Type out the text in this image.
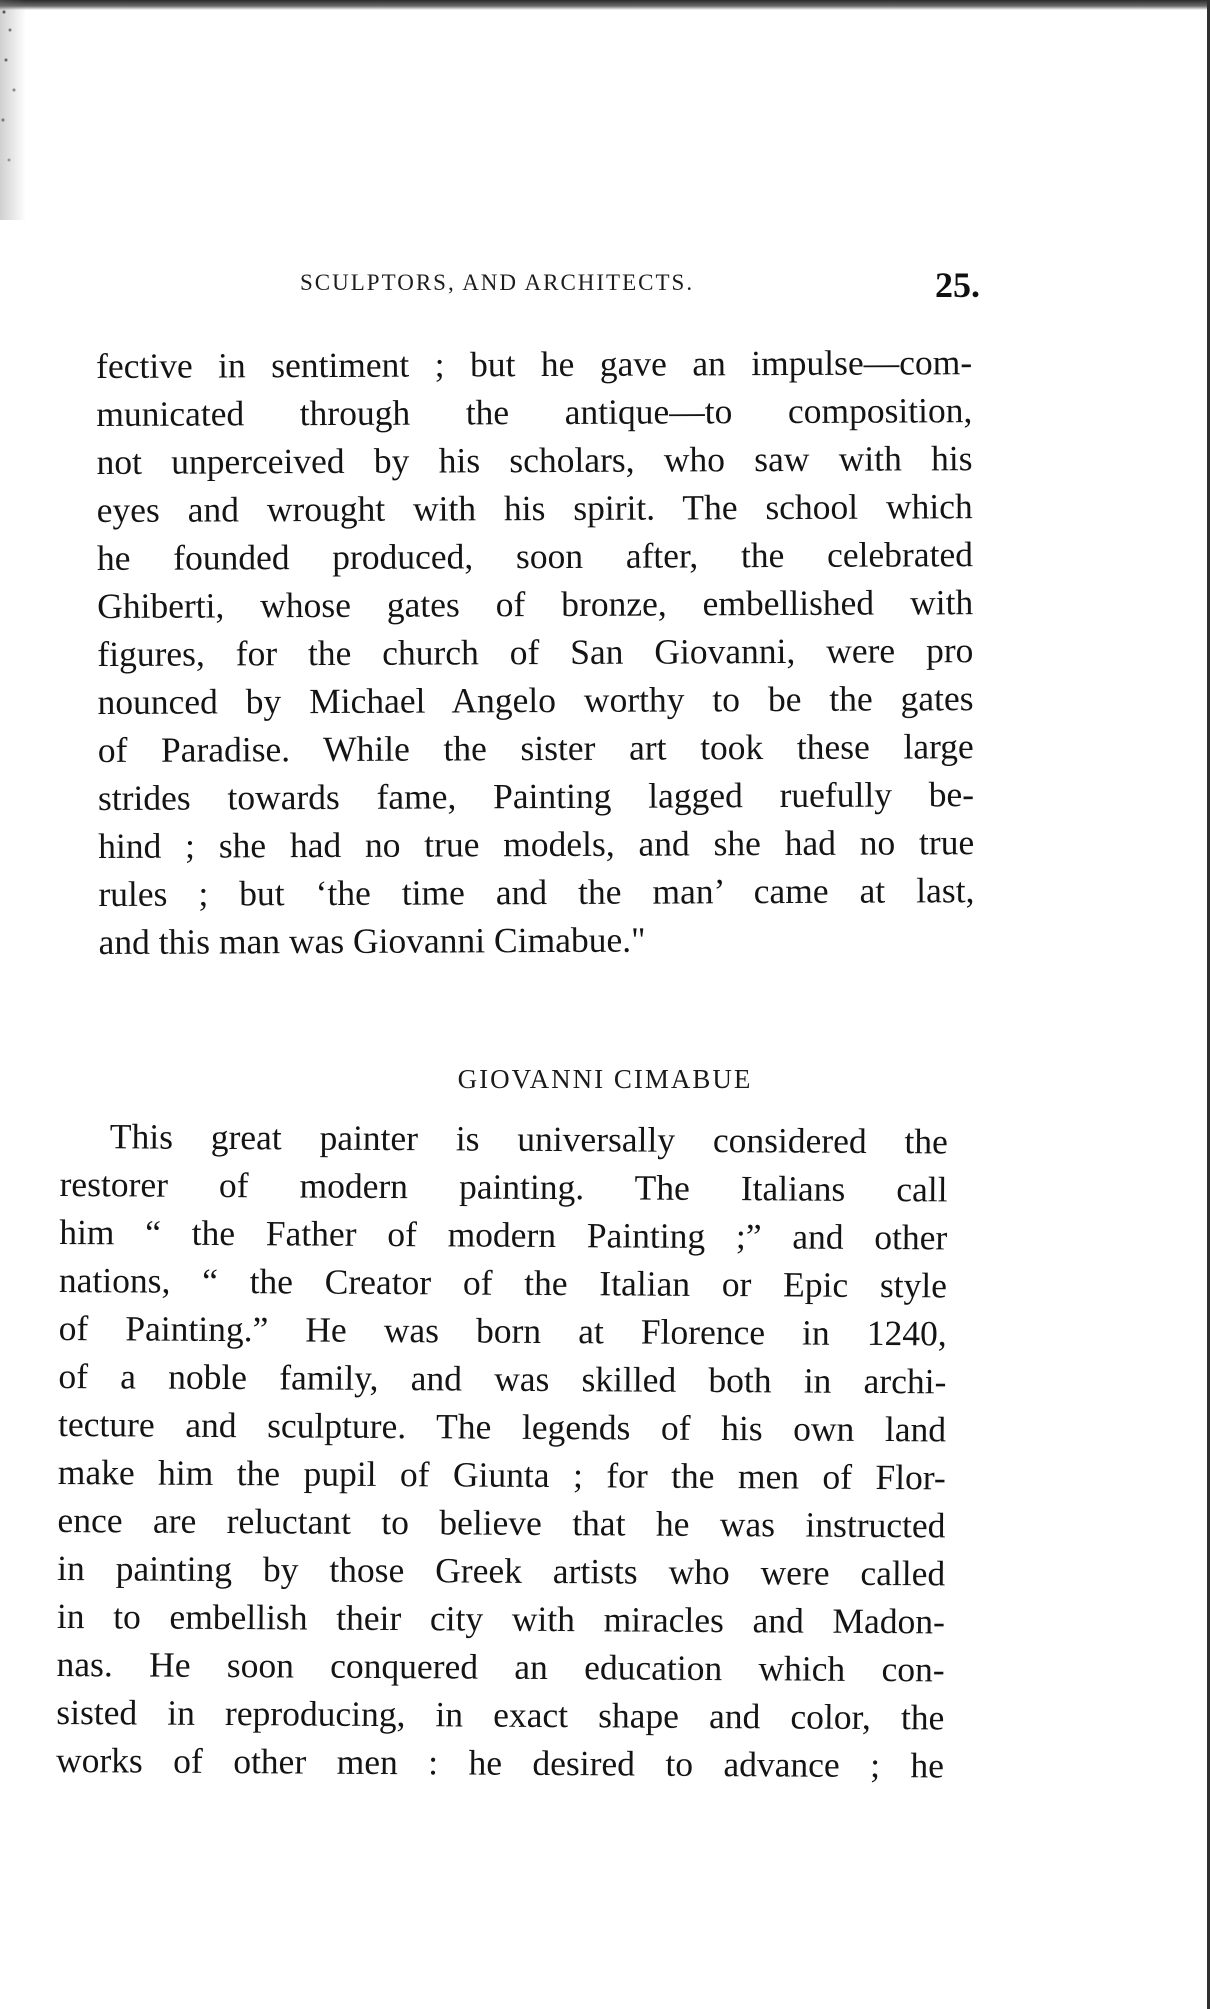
SCULPTORS, AND ARCHITECTS.	25.
fective in sentiment ; but he gave an impulse—com-
municated through the antique—to composition,
not unperceived by his scholars, who saw with his
eyes and wrought with his spirit. The school which
he founded produced, soon after, the celebrated
Ghiberti, whose gates of bronze, embellished with
figures, for the church of San Giovanni, were pro
nounced by Michael Angelo worthy to be the gates
of Paradise. While the sister art took these large
strides towards fame, Painting lagged ruefully be-
hind ; she had no true models, and she had no true
rules ; but ‘the time and the man’ came at last,
and this man was Giovanni Cimabue."
GIOVANNI CIMABUE
This great painter is universally considered the
restorer of modern painting. The Italians call
him “ the Father of modern Painting ;” and other
nations, “ the Creator of the Italian or Epic style
of Painting.” He was born at Florence in 1240,
of a noble family, and was skilled both in archi-
tecture and sculpture. The legends of his own land
make him the pupil of Giunta ; for the men of Flor-
ence are reluctant to believe that he was instructed
in painting by those Greek artists who were called
in to embellish their city with miracles and Madon-
nas. He soon conquered an education which con-
sisted in reproducing, in exact shape and color, the
works of other men : he desired to advance ; he
